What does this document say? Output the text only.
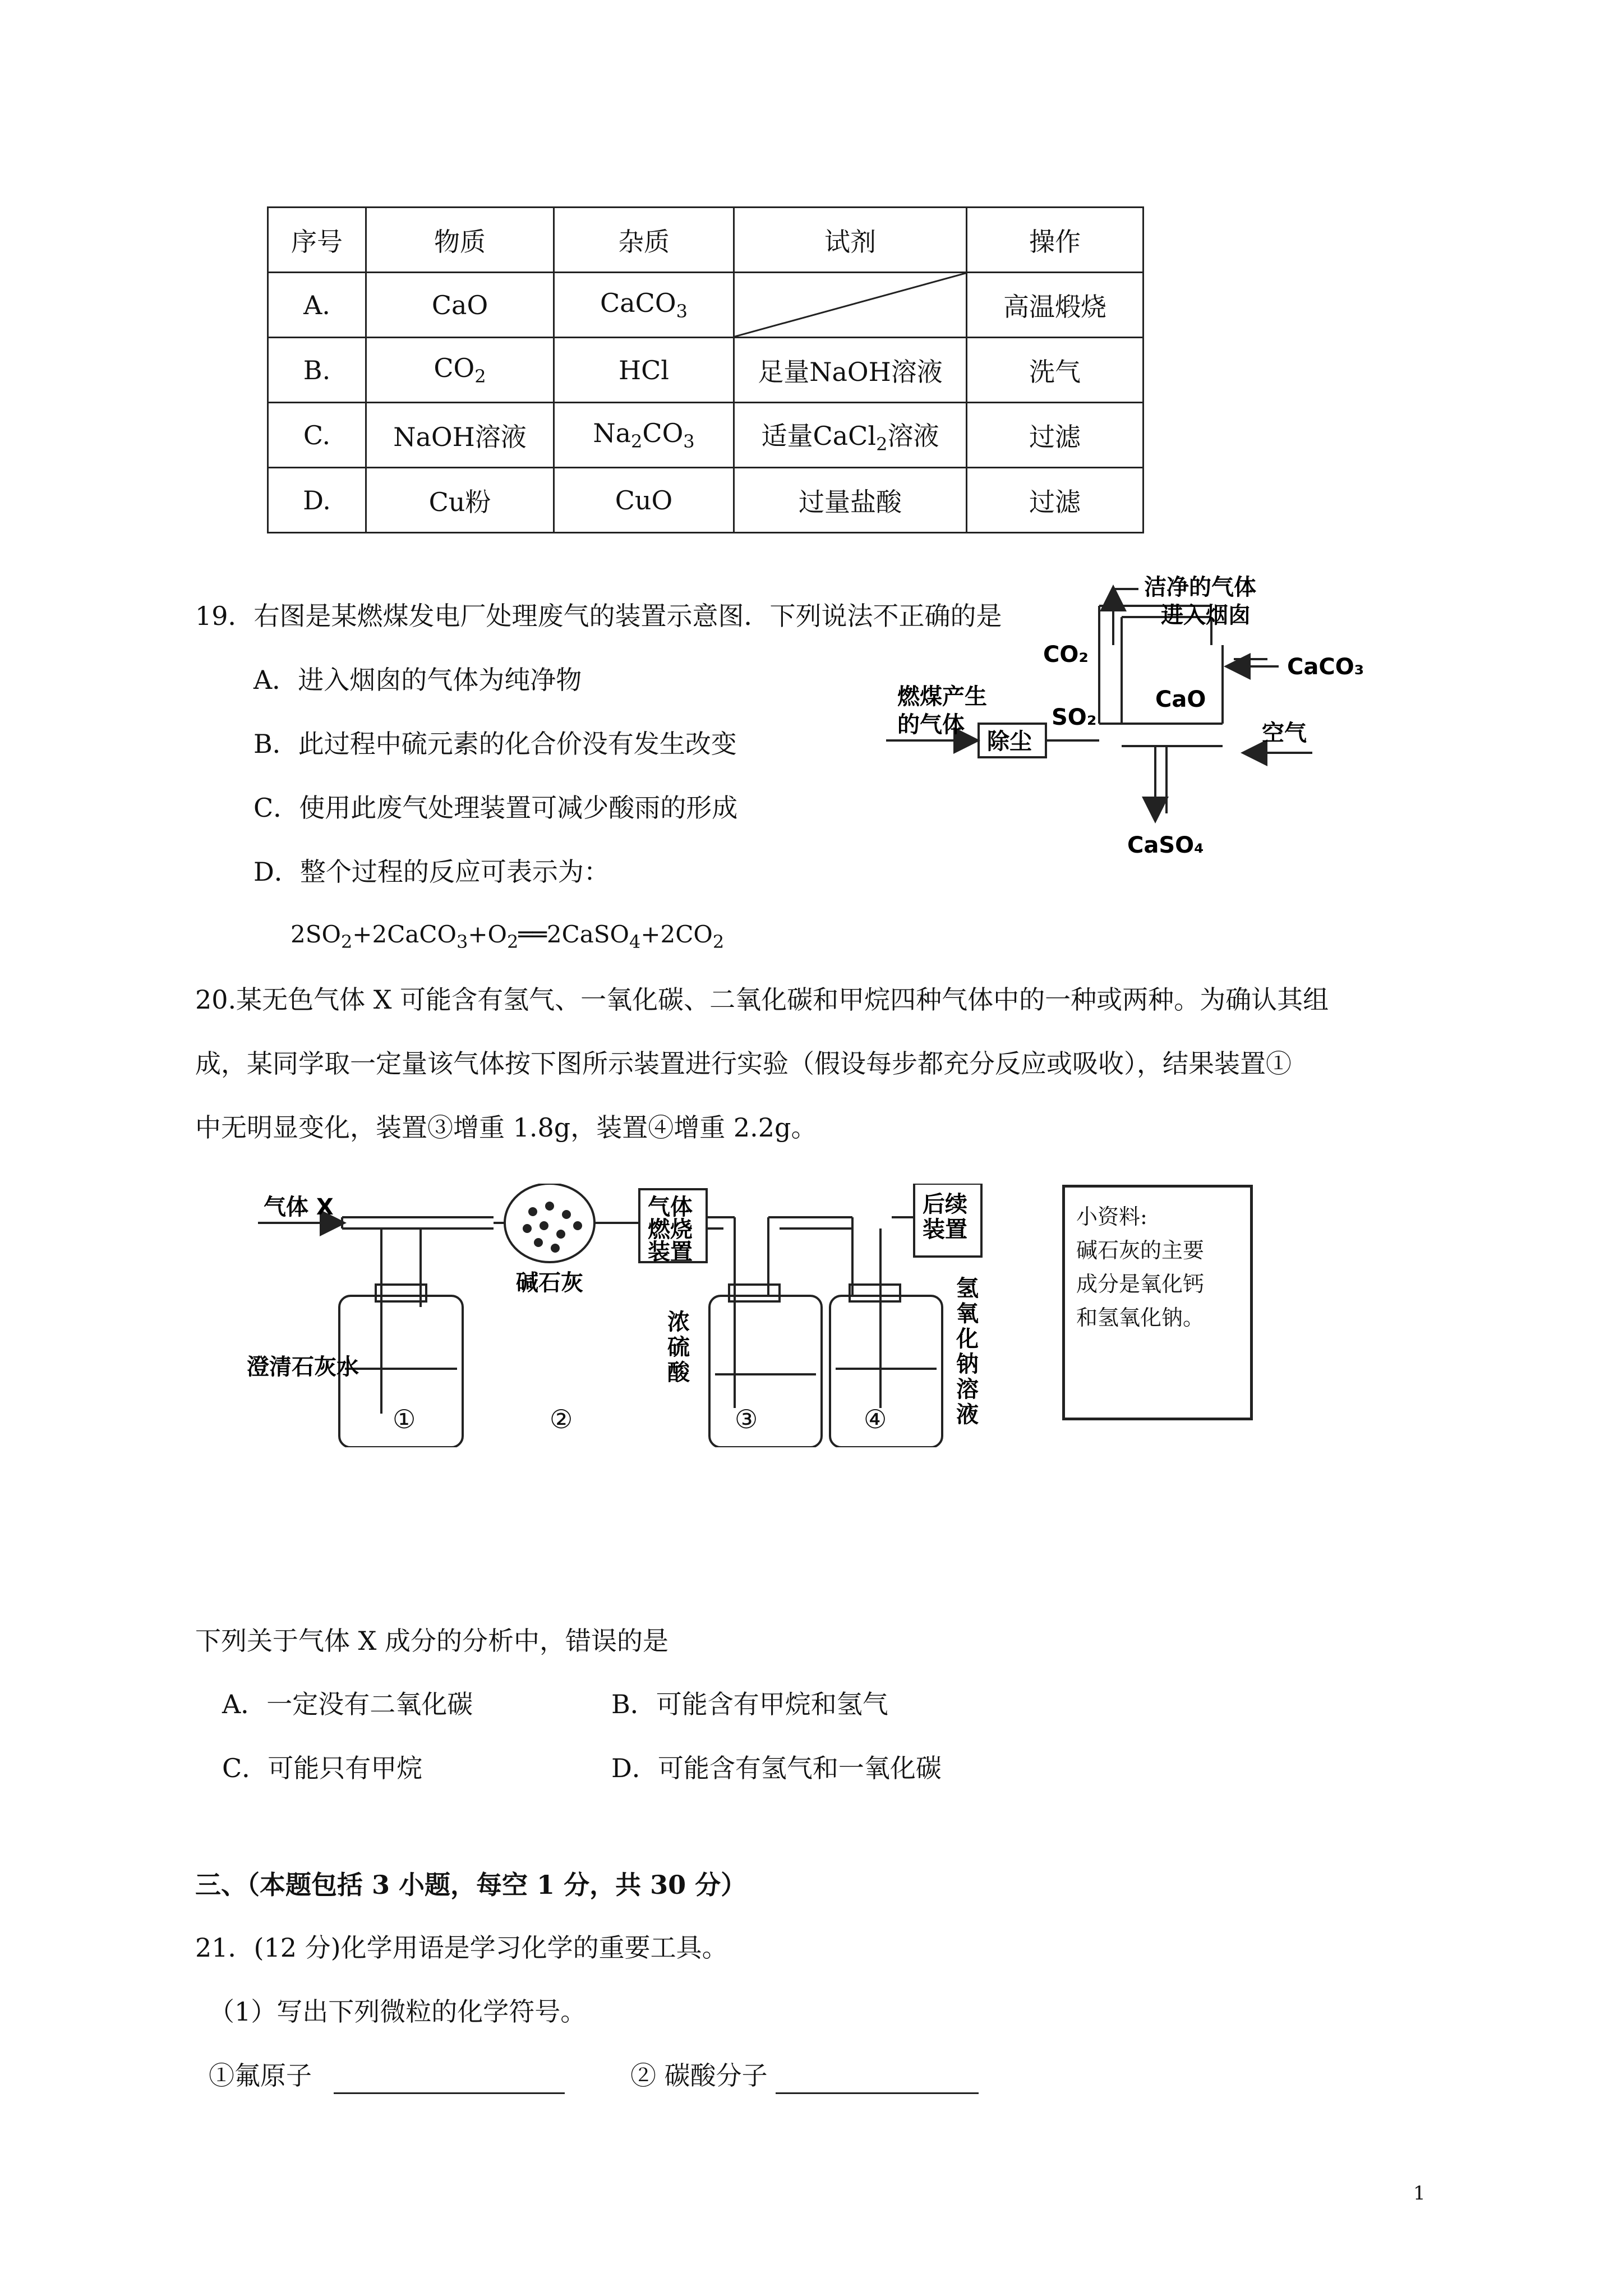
序号	物质	杂质	试剂	操作
A.	CaO	CaCO$_3$		高温煅烧
B.	$CO_2$	HCl	足量NaOH溶液	洗气
C.	NaOH溶液	$Na_2CO_3$	适量CaCl$_2$溶液	过滤
D.	Cu粉	CuO	过量盐酸	过滤
19．右图是某燃煤发电厂处理废气的装置示意图．下列说法不正确的是
A．进入烟囱的气体为纯净物
B．此过程中硫元素的化合价没有发生改变
C．使用此废气处理装置可减少酸雨的形成
D．整个过程的反应可表示为：
$2SO_2+2CaCO_3+O_2══2CaSO_4+2CO_2$
洁净的气体
进入烟囱
CO₂	CaCO₃
CaO
SO₂
燃煤产生
的气体
除尘	空气
CaSO₄
20.某无色气体 X 可能含有氢气、一氧化碳、二氧化碳和甲烷四种气体中的一种或两种。为确认其组
成，某同学取一定量该气体按下图所示装置进行实验（假设每步都充分反应或吸收），结果装置①
中无明显变化，装置③增重 1.8g，装置④增重 2.2g。
气体 X
碱石灰
澄清石灰水
气体
燃烧
装置
浓
硫
酸
后续
装置
氢
氧
化
钠
溶
液
①	②	③	④
小资料:
碱石灰的主要
成分是氧化钙
和氢氧化钠。
下列关于气体 X 成分的分析中，错误的是
A．一定没有二氧化碳	B．可能含有甲烷和氢气
C．可能只有甲烷	D．可能含有氢气和一氧化碳
三、（本题包括 3 小题，每空 1 分，共 30 分）
21．(12 分)化学用语是学习化学的重要工具。
（1）写出下列微粒的化学符号。
①氟原子	② 碳酸分子
1
